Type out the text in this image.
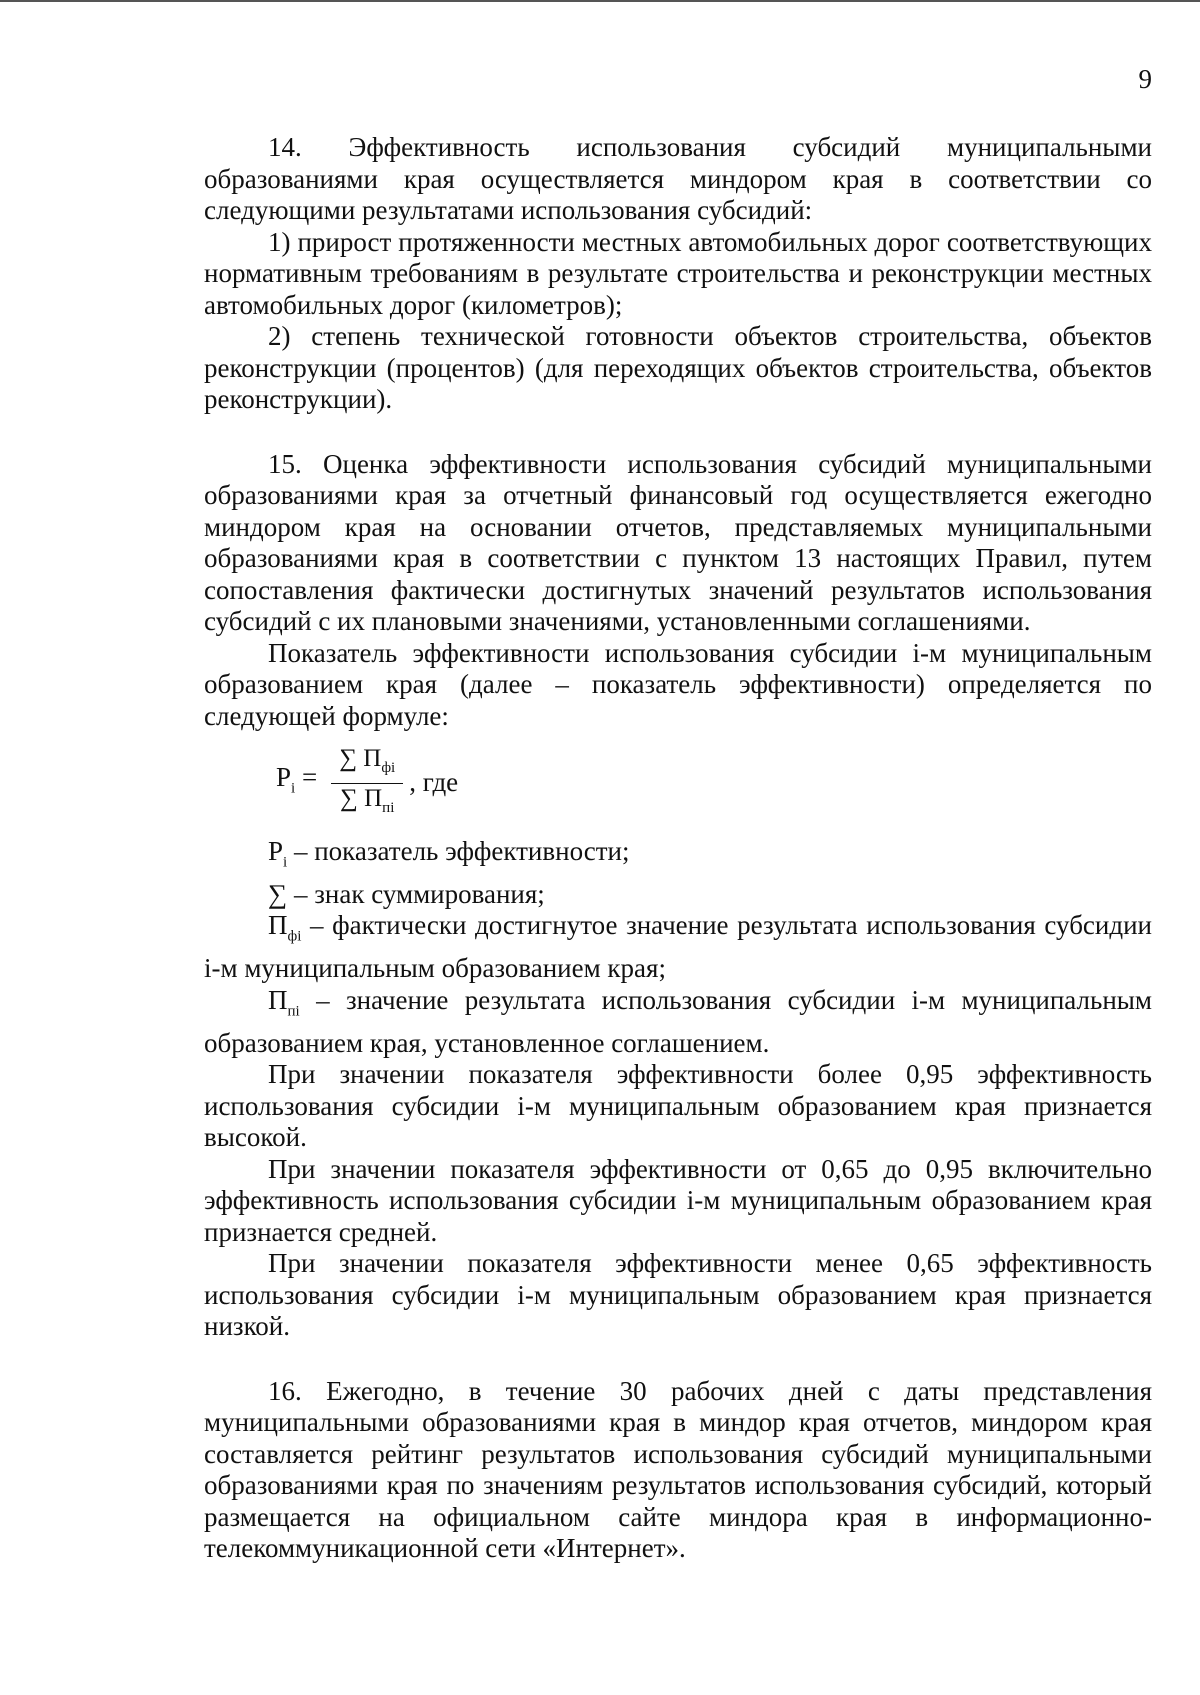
9

14. Эффективность использования субсидий муниципальными образованиями края осуществляется миндором края в соответствии со следующими результатами использования субсидий:

1) прирост протяженности местных автомобильных дорог соответствующих нормативным требованиям в результате строительства и реконструкции местных автомобильных дорог (километров);

2) степень технической готовности объектов строительства, объектов реконструкции (процентов) (для переходящих объектов строительства, объектов реконструкции).

15. Оценка эффективности использования субсидий муниципальными образованиями края за отчетный финансовый год осуществляется ежегодно миндором края на основании отчетов, представляемых муниципальными образованиями края в соответствии с пунктом 13 настоящих Правил, путем сопоставления фактически достигнутых значений результатов использования субсидий с их плановыми значениями, установленными соглашениями.

Показатель эффективности использования субсидии i-м муниципальным образованием края (далее – показатель эффективности) определяется по следующей формуле:

$P_i = \frac{\sum П_{фi}}{\sum П_{пi}}$ , где

$P_i$ – показатель эффективности;

∑ – знак суммирования;

$П_{фi}$ – фактически достигнутое значение результата использования субсидии i-м муниципальным образованием края;

$П_{пi}$ – значение результата использования субсидии i-м муниципальным образованием края, установленное соглашением.

При значении показателя эффективности более 0,95 эффективность использования субсидии i-м муниципальным образованием края признается высокой.

При значении показателя эффективности от 0,65 до 0,95 включительно эффективность использования субсидии i-м муниципальным образованием края признается средней.

При значении показателя эффективности менее 0,65 эффективность использования субсидии i-м муниципальным образованием края признается низкой.

16. Ежегодно, в течение 30 рабочих дней с даты представления муниципальными образованиями края в миндор края отчетов, миндором края составляется рейтинг результатов использования субсидий муниципальными образованиями края по значениям результатов использования субсидий, который размещается на официальном сайте миндора края в информационно-телекоммуникационной сети «Интернет».
